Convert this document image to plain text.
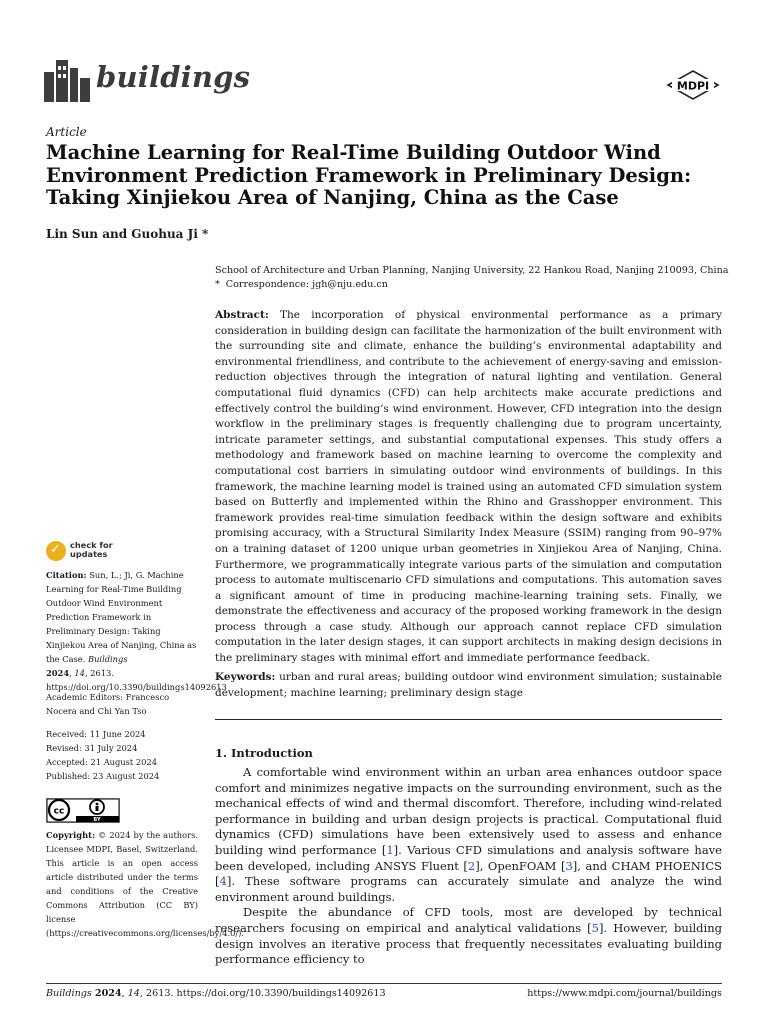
buildings	MDPI
Article
Machine Learning for Real-Time Building Outdoor Wind Environment Prediction Framework in Preliminary Design: Taking Xinjiekou Area of Nanjing, China as the Case
Lin Sun and Guohua Ji *
School of Architecture and Urban Planning, Nanjing University, 22 Hankou Road, Nanjing 210093, China
* Correspondence: jgh@nju.edu.cn
Abstract: The incorporation of physical environmental performance as a primary consideration in building design can facilitate the harmonization of the built environment with the surrounding site and climate, enhance the building’s environmental adaptability and environmental friendliness, and contribute to the achievement of energy-saving and emission-reduction objectives through the integration of natural lighting and ventilation. General computational fluid dynamics (CFD) can help architects make accurate predictions and effectively control the building’s wind environment. However, CFD integration into the design workflow in the preliminary stages is frequently challenging due to program uncertainty, intricate parameter settings, and substantial computational expenses. This study offers a methodology and framework based on machine learning to overcome the complexity and computational cost barriers in simulating outdoor wind environments of buildings. In this framework, the machine learning model is trained using an automated CFD simulation system based on Butterfly and implemented within the Rhino and Grasshopper environment. This framework provides real-time simulation feedback within the design software and exhibits promising accuracy, with a Structural Similarity Index Measure (SSIM) ranging from 90–97% on a training dataset of 1200 unique urban geometries in Xinjiekou Area of Nanjing, China. Furthermore, we programmatically integrate various parts of the simulation and computation process to automate multiscenario CFD simulations and computations. This automation saves a significant amount of time in producing machine-learning training sets. Finally, we demonstrate the effectiveness and accuracy of the proposed working framework in the design process through a case study. Although our approach cannot replace CFD simulation computation in the later design stages, it can support architects in making design decisions in the preliminary stages with minimal effort and immediate performance feedback.
Keywords: urban and rural areas; building outdoor wind environment simulation; sustainable development; machine learning; preliminary design stage
1. Introduction

A comfortable wind environment within an urban area enhances outdoor space comfort and minimizes negative impacts on the surrounding environment, such as the mechanical effects of wind and thermal discomfort. Therefore, including wind-related performance in building and urban design projects is practical. Computational fluid dynamics (CFD) simulations have been extensively used to assess and enhance building wind performance [1]. Various CFD simulations and analysis software have been developed, including ANSYS Fluent [2], OpenFOAM [3], and CHAM PHOENICS [4]. These software programs can accurately simulate and analyze the wind environment around buildings.

Despite the abundance of CFD tools, most are developed by technical researchers focusing on empirical and analytical validations [5]. However, building design involves an iterative process that frequently necessitates evaluating building performance efficiency to

✓ check for
updates
Citation: Sun, L.; Ji, G. Machine Learning for Real-Time Building Outdoor Wind Environment Prediction Framework in Preliminary Design: Taking Xinjiekou Area of Nanjing, China as the Case. Buildings
2024, 14, 2613. https://doi.org/10.3390/buildings14092613
Academic Editors: Francesco Nocera and Chi Yan Tso
Received: 11 June 2024
Revised: 31 July 2024
Accepted: 21 August 2024
Published: 23 August 2024
cc
BY
Copyright: © 2024 by the authors. Licensee MDPI, Basel, Switzerland. This article is an open access article distributed under the terms and conditions of the Creative Commons Attribution (CC BY) license (https://creativecommons.org/licenses/by/4.0/).
Buildings 2024, 14, 2613. https://doi.org/10.3390/buildings14092613	https://www.mdpi.com/journal/buildings
